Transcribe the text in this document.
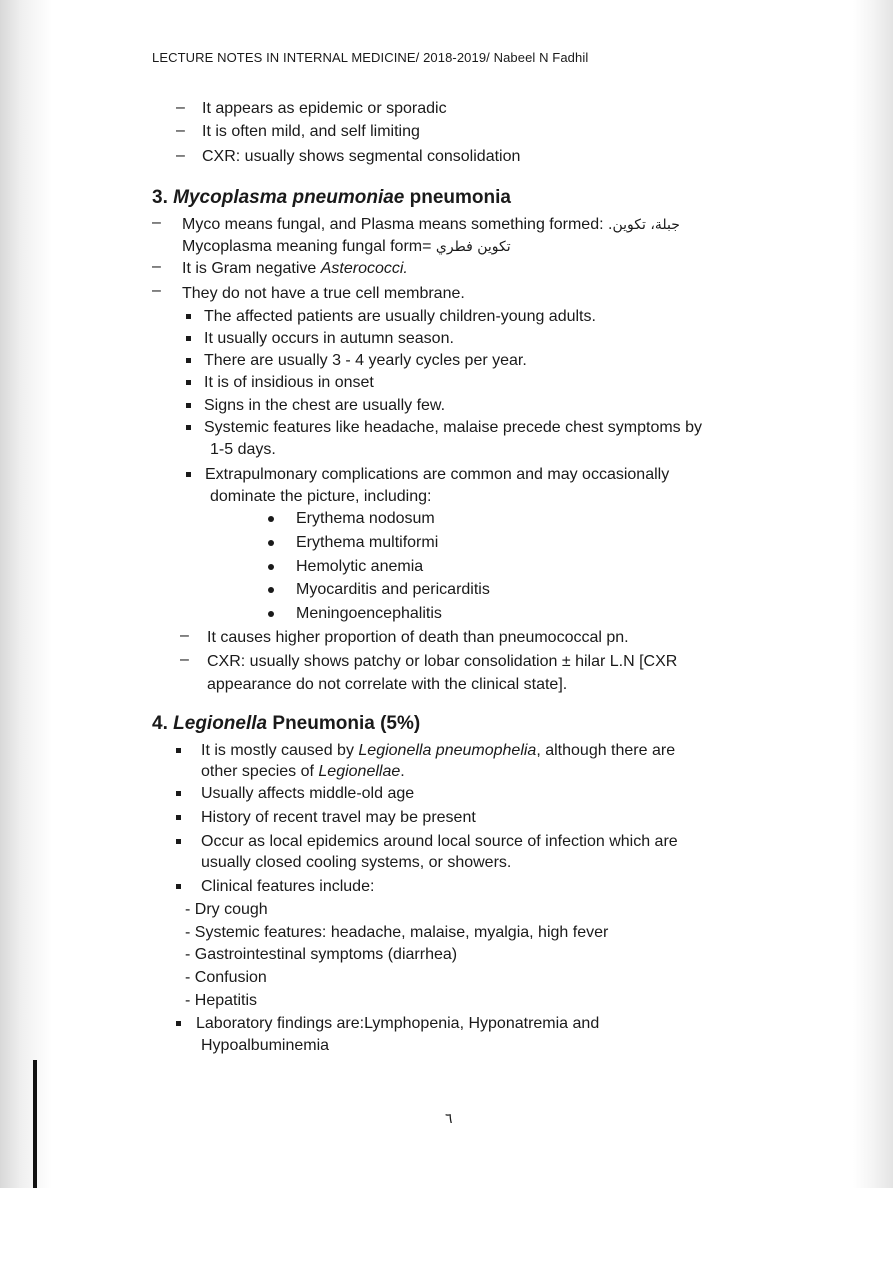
LECTURE NOTES IN INTERNAL MEDICINE/ 2018-2019/ Nabeel N Fadhil
– It appears as epidemic or sporadic
– It is often mild, and self limiting
– CXR: usually shows segmental consolidation
3. Mycoplasma pneumoniae pneumonia
– Myco means fungal, and Plasma means something formed: جبلة، تكوين.
Mycoplasma meaning fungal form= تكوين فطري
– It is Gram negative Asterococci.
– They do not have a true cell membrane.
The affected patients are usually children-young adults.
It usually occurs in autumn season.
There are usually 3 - 4 yearly cycles per year.
It is of insidious in onset
Signs in the chest are usually few.
Systemic features like headache, malaise precede chest symptoms by
1-5 days.
Extrapulmonary complications are common and may occasionally
dominate the picture, including:
Erythema nodosum
Erythema multiformi
Hemolytic anemia
Myocarditis and pericarditis
Meningoencephalitis
– It causes higher proportion of death than pneumococcal pn.
– CXR: usually shows patchy or lobar consolidation ± hilar L.N [CXR
appearance do not correlate with the clinical state].
4. Legionella Pneumonia (5%)
It is mostly caused by Legionella pneumophelia, although there are
other species of Legionellae.
Usually affects middle-old age
History of recent travel may be present
Occur as local epidemics around local source of infection which are
usually closed cooling systems, or showers.
Clinical features include:
- Dry cough
- Systemic features: headache, malaise, myalgia, high fever
- Gastrointestinal symptoms (diarrhea)
- Confusion
- Hepatitis
Laboratory findings are:Lymphopenia, Hyponatremia and
Hypoalbuminemia
٦
